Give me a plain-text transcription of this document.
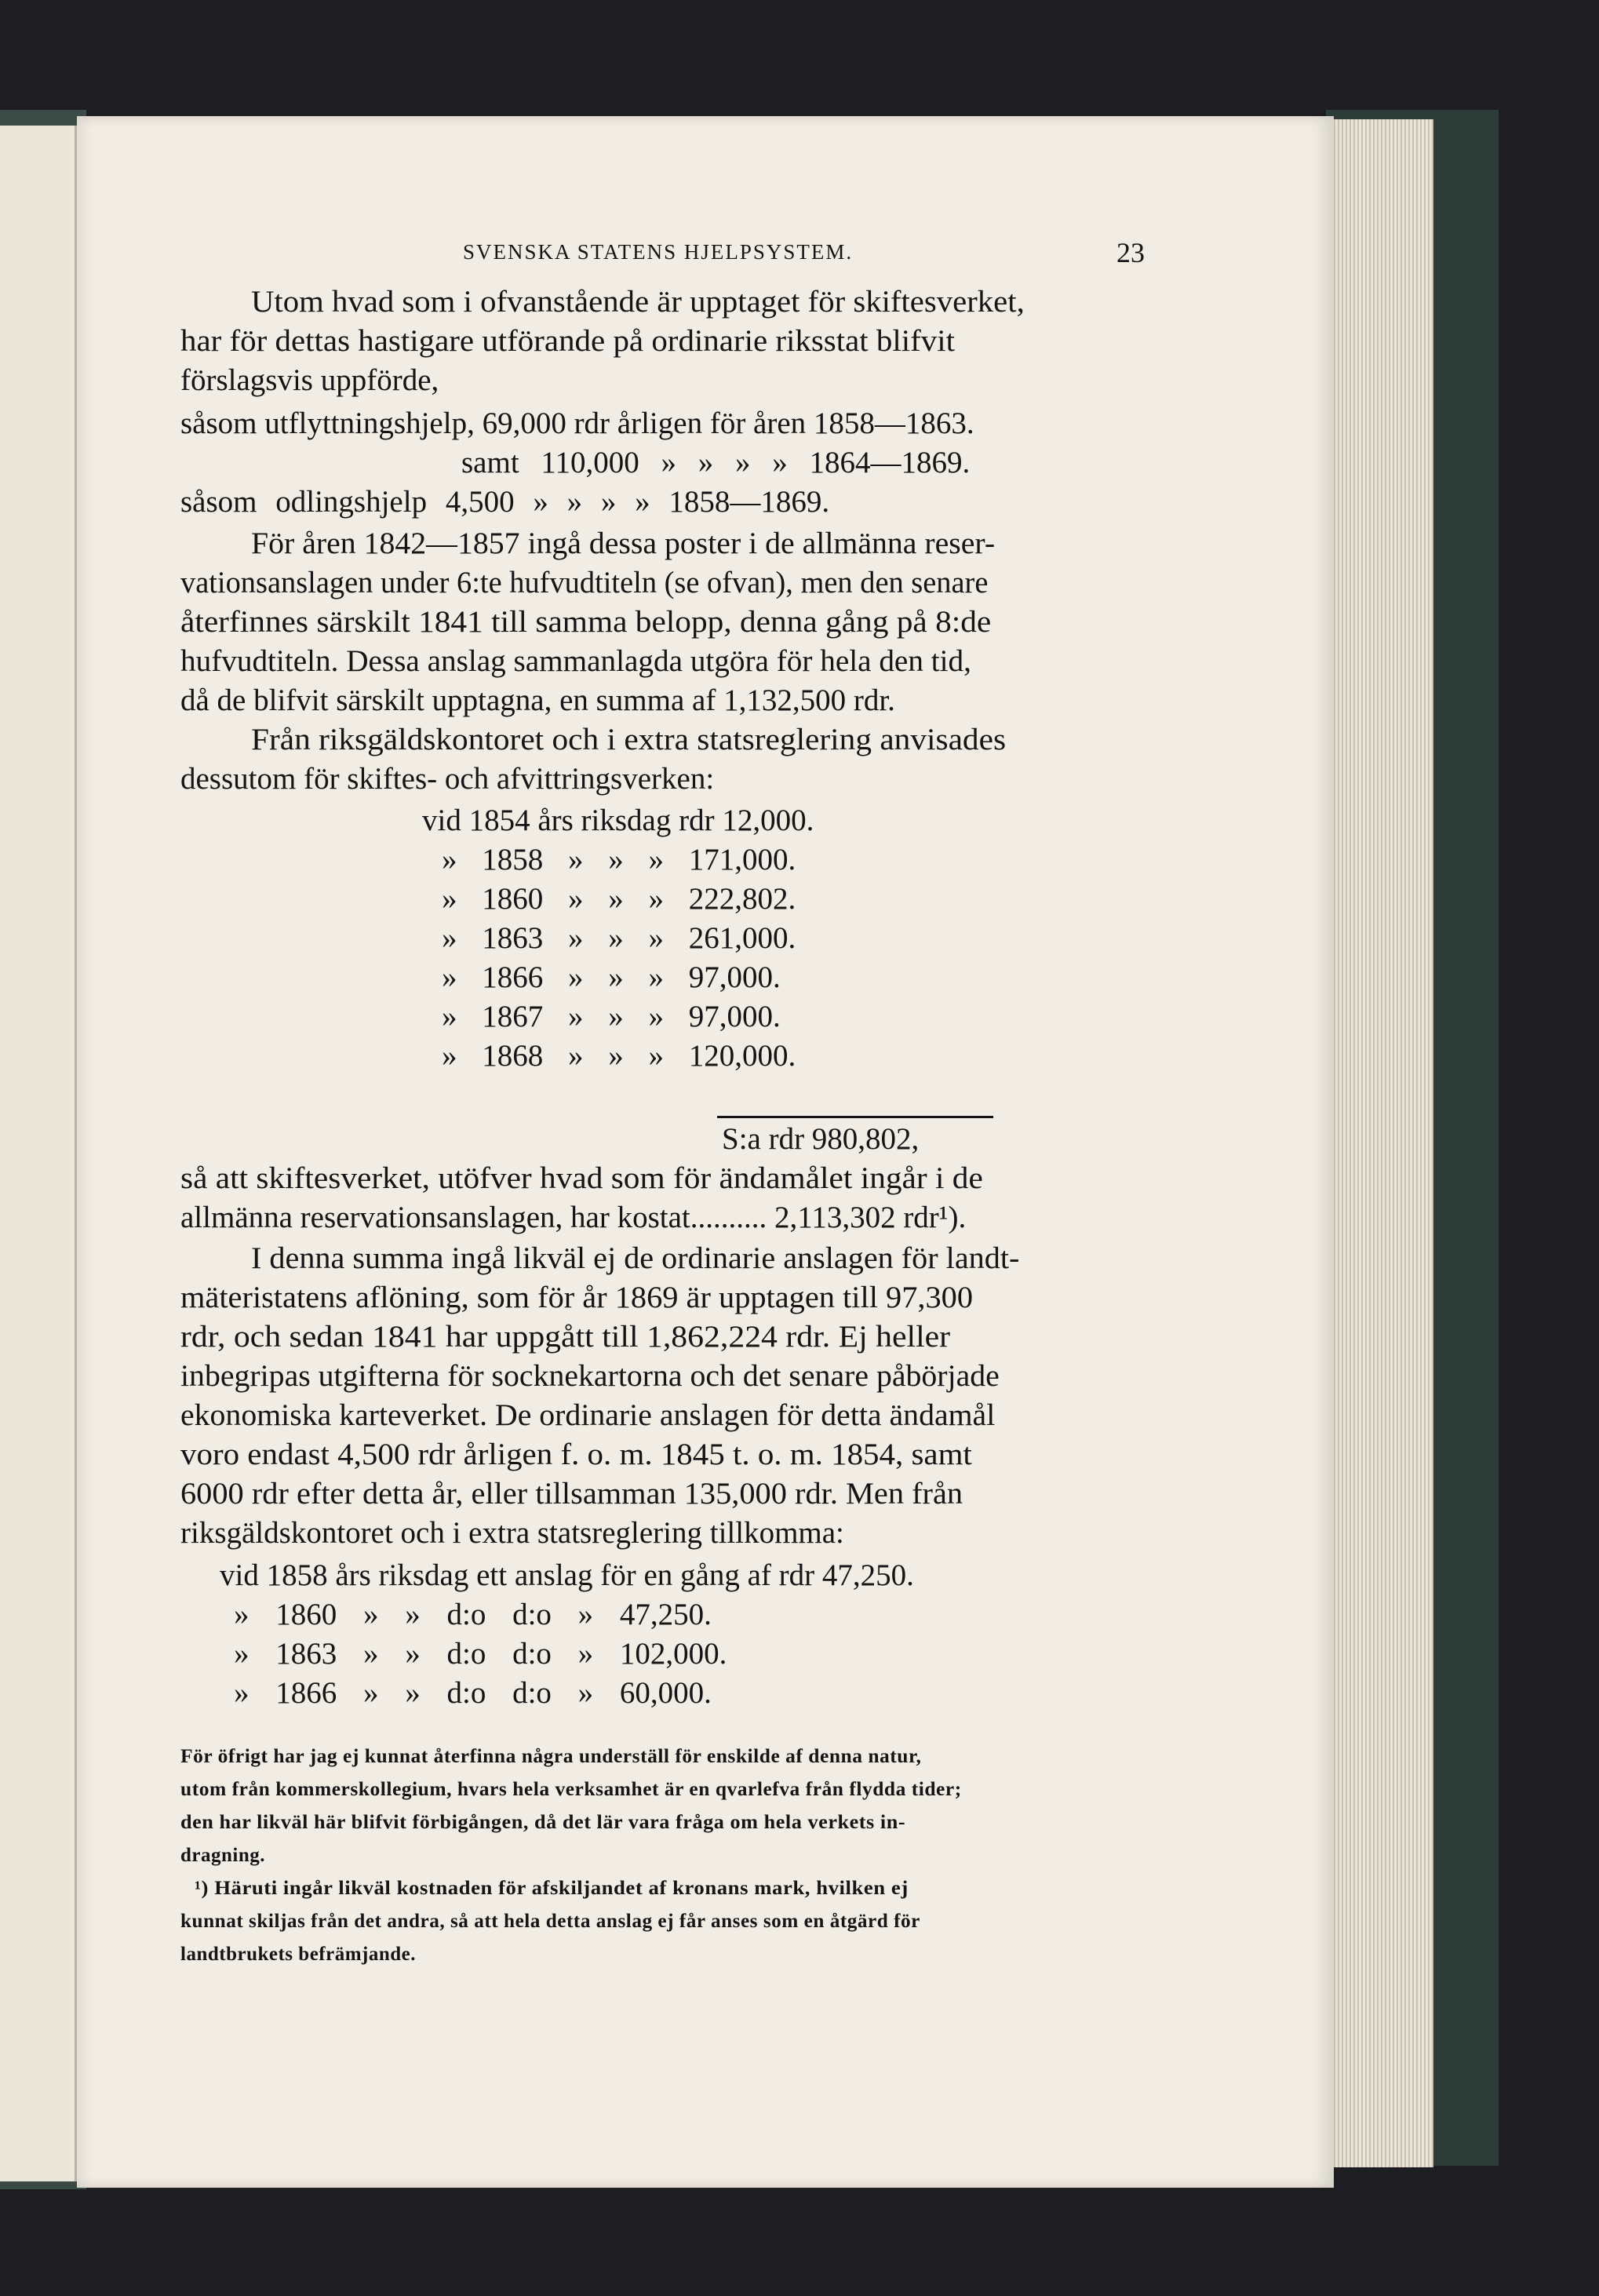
SVENSKA STATENS HJELPSYSTEM.	23
Utom hvad som i ofvanstående är upptaget för skiftesverket,
har för dettas hastigare utförande på ordinarie riksstat blifvit
förslagsvis uppförde,
såsom utflyttningshjelp, 69,000 rdr årligen för åren 1858—1863.
samt 110,000 » » » » 1864—1869.
såsom odlingshjelp 4,500 » » » » 1858—1869.
För åren 1842—1857 ingå dessa poster i de allmänna reser-
vationsanslagen under 6:te hufvudtiteln (se ofvan), men den senare
återfinnes särskilt 1841 till samma belopp, denna gång på 8:de
hufvudtiteln. Dessa anslag sammanlagda utgöra för hela den tid,
då de blifvit särskilt upptagna, en summa af 1,132,500 rdr.
Från riksgäldskontoret och i extra statsreglering anvisades
dessutom för skiftes- och afvittringsverken:
vid 1854 års riksdag rdr 12,000.
» 1858 » » » 171,000.
» 1860 » » » 222,802.
» 1863 » » » 261,000.
» 1866 » » » 97,000.
» 1867 » » » 97,000.
» 1868 » » » 120,000.
S:a rdr 980,802,
så att skiftesverket, utöfver hvad som för ändamålet ingår i de
allmänna reservationsanslagen, har kostat.......... 2,113,302 rdr¹).
I denna summa ingå likväl ej de ordinarie anslagen för landt-
mäteristatens aflöning, som för år 1869 är upptagen till 97,300
rdr, och sedan 1841 har uppgått till 1,862,224 rdr. Ej heller
inbegripas utgifterna för socknekartorna och det senare påbörjade
ekonomiska karteverket. De ordinarie anslagen för detta ändamål
voro endast 4,500 rdr årligen f. o. m. 1845 t. o. m. 1854, samt
6000 rdr efter detta år, eller tillsamman 135,000 rdr. Men från
riksgäldskontoret och i extra statsreglering tillkomma:
vid 1858 års riksdag ett anslag för en gång af rdr 47,250.
» 1860 » » d:o d:o » 47,250.
» 1863 » » d:o d:o » 102,000.
» 1866 » » d:o d:o » 60,000.
För öfrigt har jag ej kunnat återfinna några underställ för enskilde af denna natur,
utom från kommerskollegium, hvars hela verksamhet är en qvarlefva från flydda tider;
den har likväl här blifvit förbigången, då det lär vara fråga om hela verkets in-
dragning.
¹) Häruti ingår likväl kostnaden för afskiljandet af kronans mark, hvilken ej
kunnat skiljas från det andra, så att hela detta anslag ej får anses som en åtgärd för
landtbrukets befrämjande.
